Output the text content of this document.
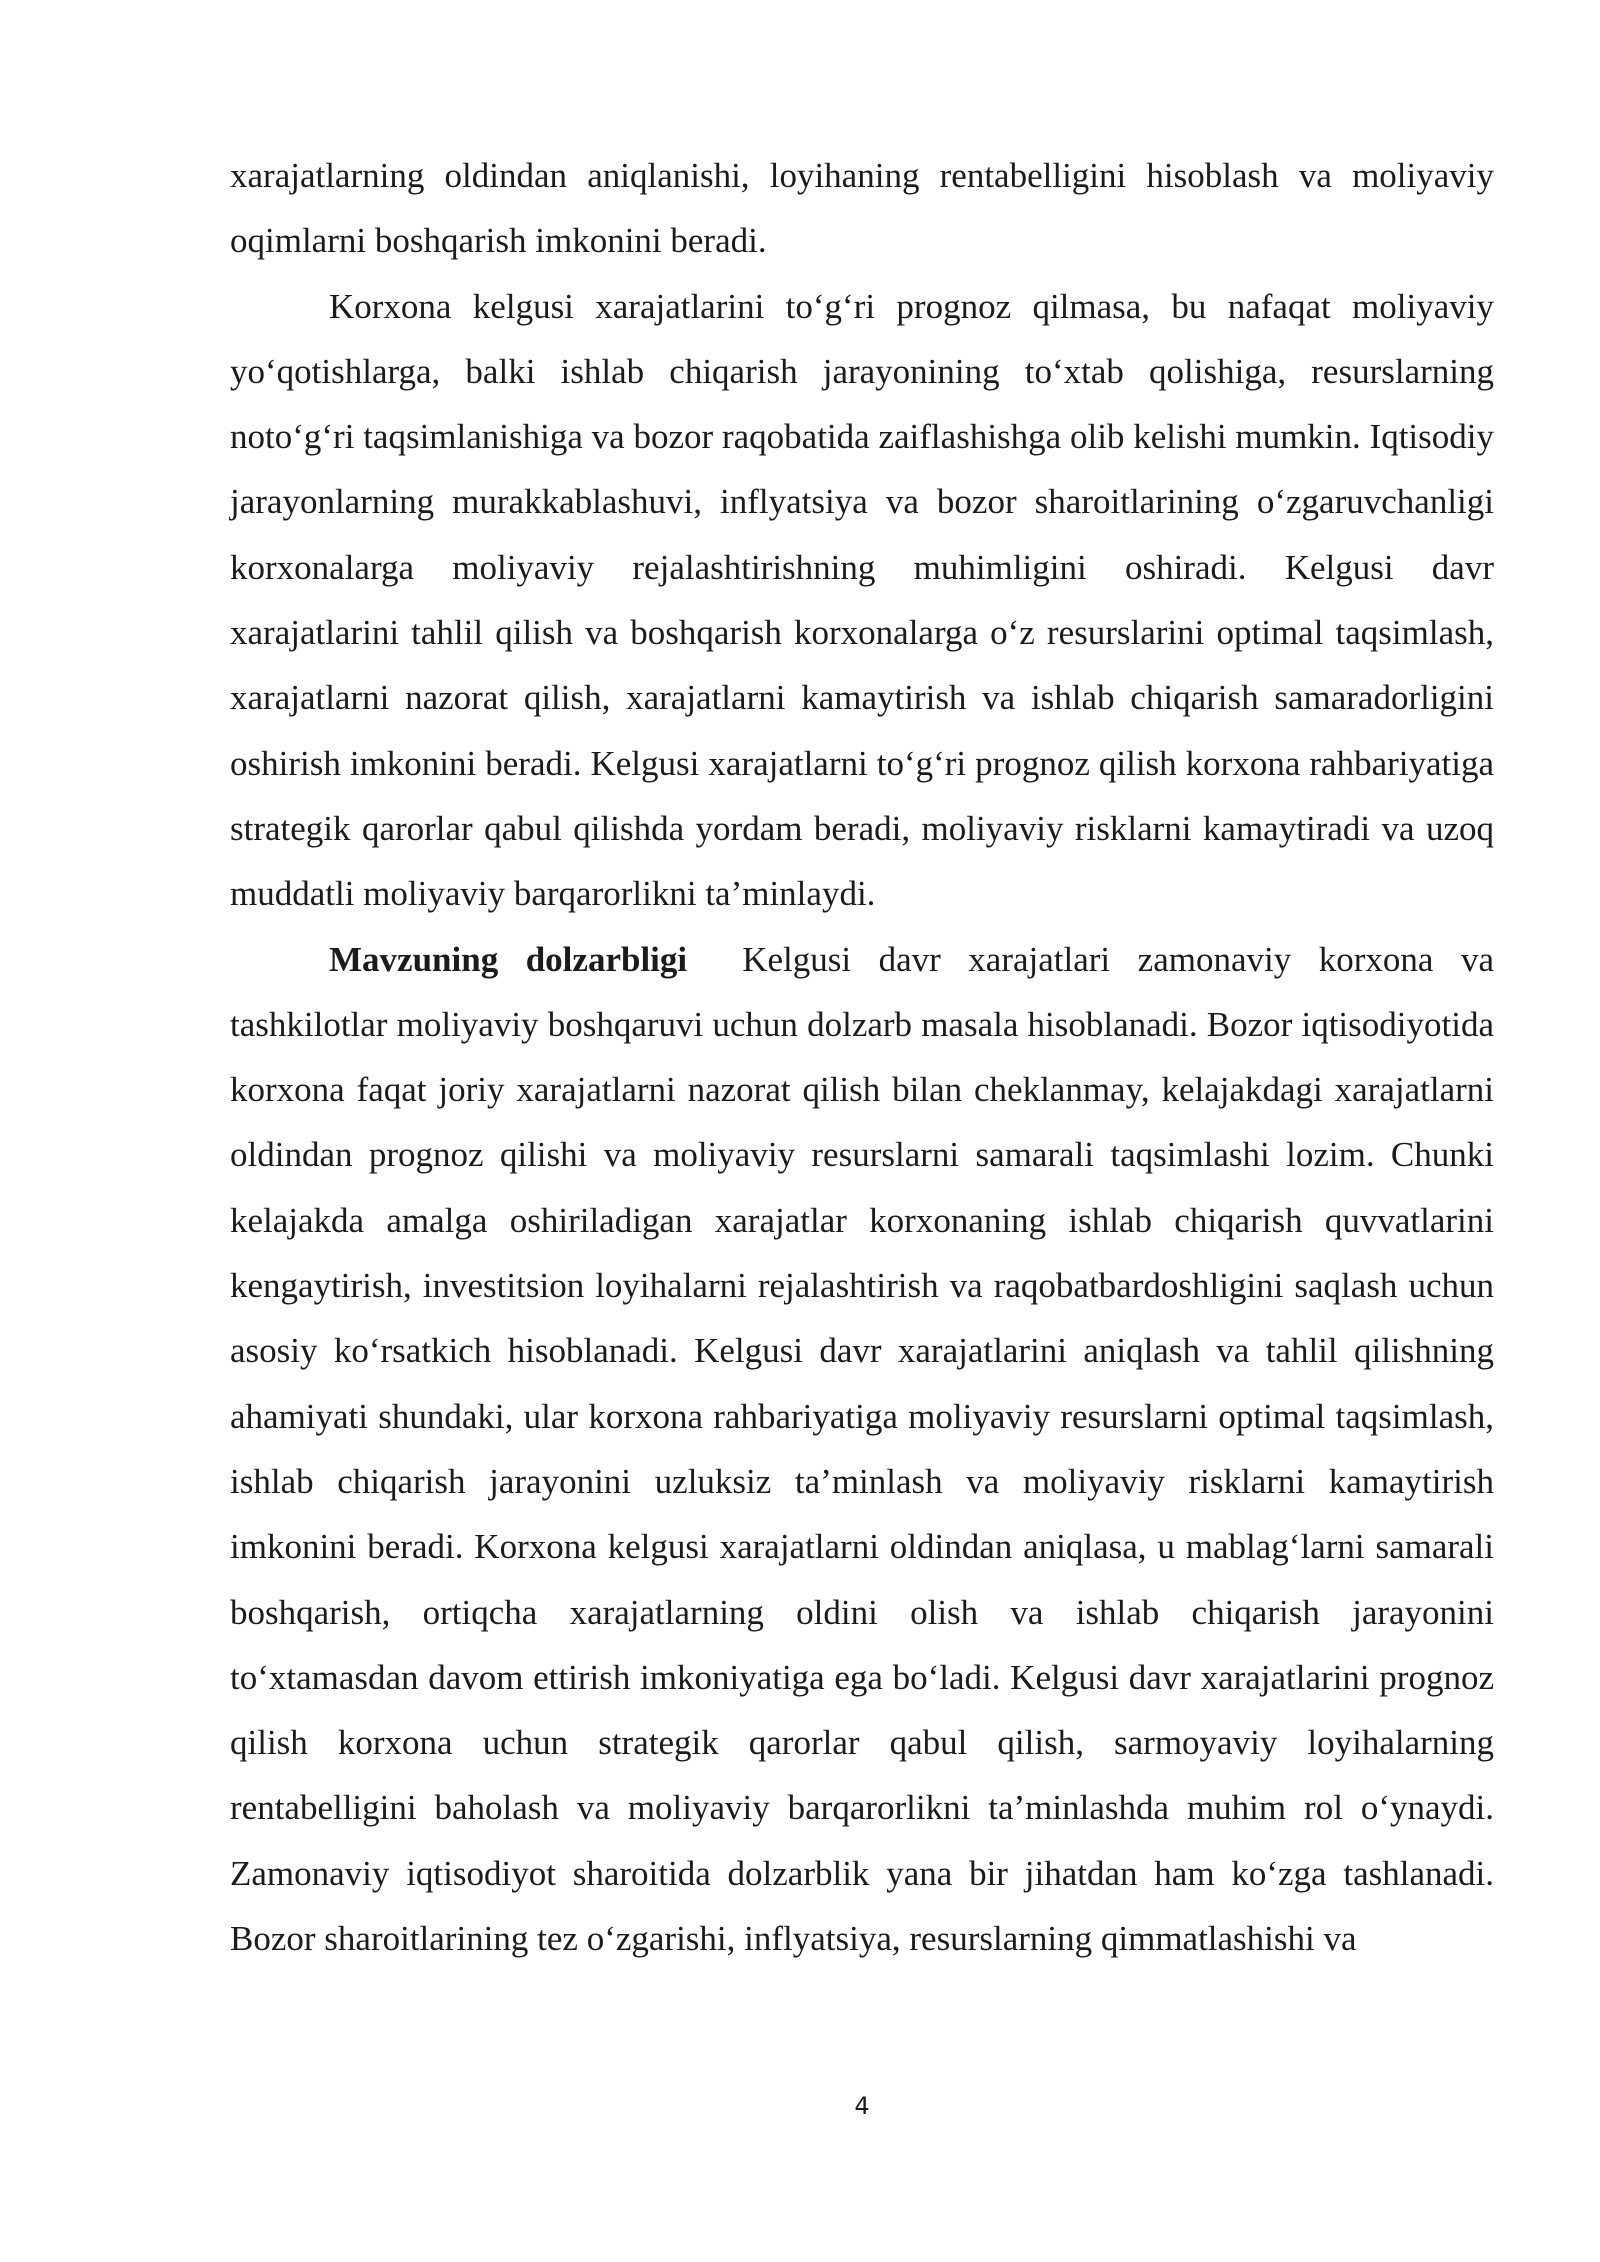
xarajatlarning oldindan aniqlanishi, loyihaning rentabelligini hisoblash va moliyaviy oqimlarni boshqarish imkonini beradi.

Korxona kelgusi xarajatlarini to‘g‘ri prognoz qilmasa, bu nafaqat moliyaviy yo‘qotishlarga, balki ishlab chiqarish jarayonining to‘xtab qolishiga, resurslarning noto‘g‘ri taqsimlanishiga va bozor raqobatida zaiflashishga olib kelishi mumkin. Iqtisodiy jarayonlarning murakkablashuvi, inflyatsiya va bozor sharoitlarining o‘zgaruvchanligi korxonalarga moliyaviy rejalashtirishning muhimligini oshiradi. Kelgusi davr xarajatlarini tahlil qilish va boshqarish korxonalarga o‘z resurslarini optimal taqsimlash, xarajatlarni nazorat qilish, xarajatlarni kamaytirish va ishlab chiqarish samaradorligini oshirish imkonini beradi. Kelgusi xarajatlarni to‘g‘ri prognoz qilish korxona rahbariyatiga strategik qarorlar qabul qilishda yordam beradi, moliyaviy risklarni kamaytiradi va uzoq muddatli moliyaviy barqarorlikni ta’minlaydi.

Mavzuning dolzarbligi Kelgusi davr xarajatlari zamonaviy korxona va tashkilotlar moliyaviy boshqaruvi uchun dolzarb masala hisoblanadi. Bozor iqtisodiyotida korxona faqat joriy xarajatlarni nazorat qilish bilan cheklanmay, kelajakdagi xarajatlarni oldindan prognoz qilishi va moliyaviy resurslarni samarali taqsimlashi lozim. Chunki kelajakda amalga oshiriladigan xarajatlar korxonaning ishlab chiqarish quvvatlarini kengaytirish, investitsion loyihalarni rejalashtirish va raqobatbardoshligini saqlash uchun asosiy ko‘rsatkich hisoblanadi. Kelgusi davr xarajatlarini aniqlash va tahlil qilishning ahamiyati shundaki, ular korxona rahbariyatiga moliyaviy resurslarni optimal taqsimlash, ishlab chiqarish jarayonini uzluksiz ta’minlash va moliyaviy risklarni kamaytirish imkonini beradi. Korxona kelgusi xarajatlarni oldindan aniqlasa, u mablag‘larni samarali boshqarish, ortiqcha xarajatlarning oldini olish va ishlab chiqarish jarayonini to‘xtamasdan davom ettirish imkoniyatiga ega bo‘ladi. Kelgusi davr xarajatlarini prognoz qilish korxona uchun strategik qarorlar qabul qilish, sarmoyaviy loyihalarning rentabelligini baholash va moliyaviy barqarorlikni ta’minlashda muhim rol o‘ynaydi. Zamonaviy iqtisodiyot sharoitida dolzarblik yana bir jihatdan ham ko‘zga tashlanadi. Bozor sharoitlarining tez o‘zgarishi, inflyatsiya, resurslarning qimmatlashishi va

4
